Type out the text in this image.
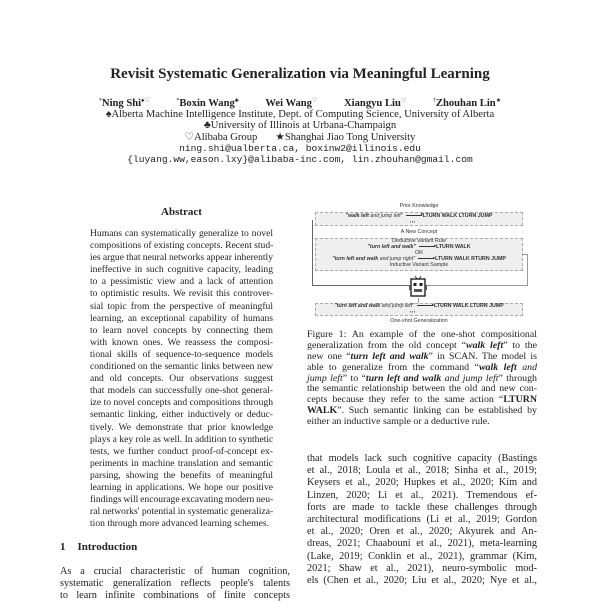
Revisit Systematic Generalization via Meaningful Learning
*Ning Shi♠♡	*Boxin Wang♣	Wei Wang♡	Xiangyu Liu♡	†Zhouhan Lin★
♠Alberta Machine Intelligence Institute, Dept. of Computing Science, University of Alberta
♣University of Illinois at Urbana-Champaign
♡Alibaba Group ★Shanghai Jiao Tong University
ning.shi@ualberta.ca, boxinw2@illinois.edu
{luyang.ww,eason.lxy}@alibaba-inc.com, lin.zhouhan@gmail.com
Abstract
Humans can systematically generalize to novel
compositions of existing concepts. Recent stud-
ies argue that neural networks appear inherently
ineffective in such cognitive capacity, leading
to a pessimistic view and a lack of attention
to optimistic results. We revisit this controver-
sial topic from the perspective of meaningful
learning, an exceptional capability of humans
to learn novel concepts by connecting them
with known ones. We reassess the composi-
tional skills of sequence-to-sequence models
conditioned on the semantic links between new
and old concepts. Our observations suggest
that models can successfully one-shot general-
ize to novel concepts and compositions through
semantic linking, either inductively or deduc-
tively. We demonstrate that prior knowledge
plays a key role as well. In addition to synthetic
tests, we further conduct proof-of-concept ex-
periments in machine translation and semantic
parsing, showing the benefits of meaningful
learning in applications. We hope our positive
findings will encourage excavating modern neu-
ral networks' potential in systematic generaliza-
tion through more advanced learning schemes.
1 Introduction
As a crucial characteristic of human cognition,
systematic generalization reflects people's talents
to learn infinite combinations of finite concepts
Prior Knowledge
"walk left and jump left"	LTURN WALK LTURN JUMP
▪▪▪
A New Concept
Deductive Variant Rule
"turn left and walk"	LTURN WALK
OR
"turn left and walk and jump right"	LTURN WALK RTURN JUMP
Inductive Variant Sample
"turn left and walk and jump left"	LTURN WALK LTURN JUMP
▪▪▪
One-shot Generalization
Figure 1: An example of the one-shot compositional
generalization from the old concept “walk left” to the
new one “turn left and walk” in SCAN. The model is
able to generalize from the command “walk left and
jump left” to “turn left and walk and jump left” through
the semantic relationship between the old and new con-
cepts because they refer to the same action “LTURN
WALK”. Such semantic linking can be established by
either an inductive sample or a deductive rule.
that models lack such cognitive capacity (Bastings
et al., 2018; Loula et al., 2018; Sinha et al., 2019;
Keysers et al., 2020; Hupkes et al., 2020; Kim and
Linzen, 2020; Li et al., 2021). Tremendous ef-
forts are made to tackle these challenges through
architectural modifications (Li et al., 2019; Gordon
et al., 2020; Oren et al., 2020; Akyurek and An-
dreas, 2021; Chaabouni et al., 2021), meta-learning
(Lake, 2019; Conklin et al., 2021), grammar (Kim,
2021; Shaw et al., 2021), neuro-symbolic mod-
els (Chen et al., 2020; Liu et al., 2020; Nye et al.,
